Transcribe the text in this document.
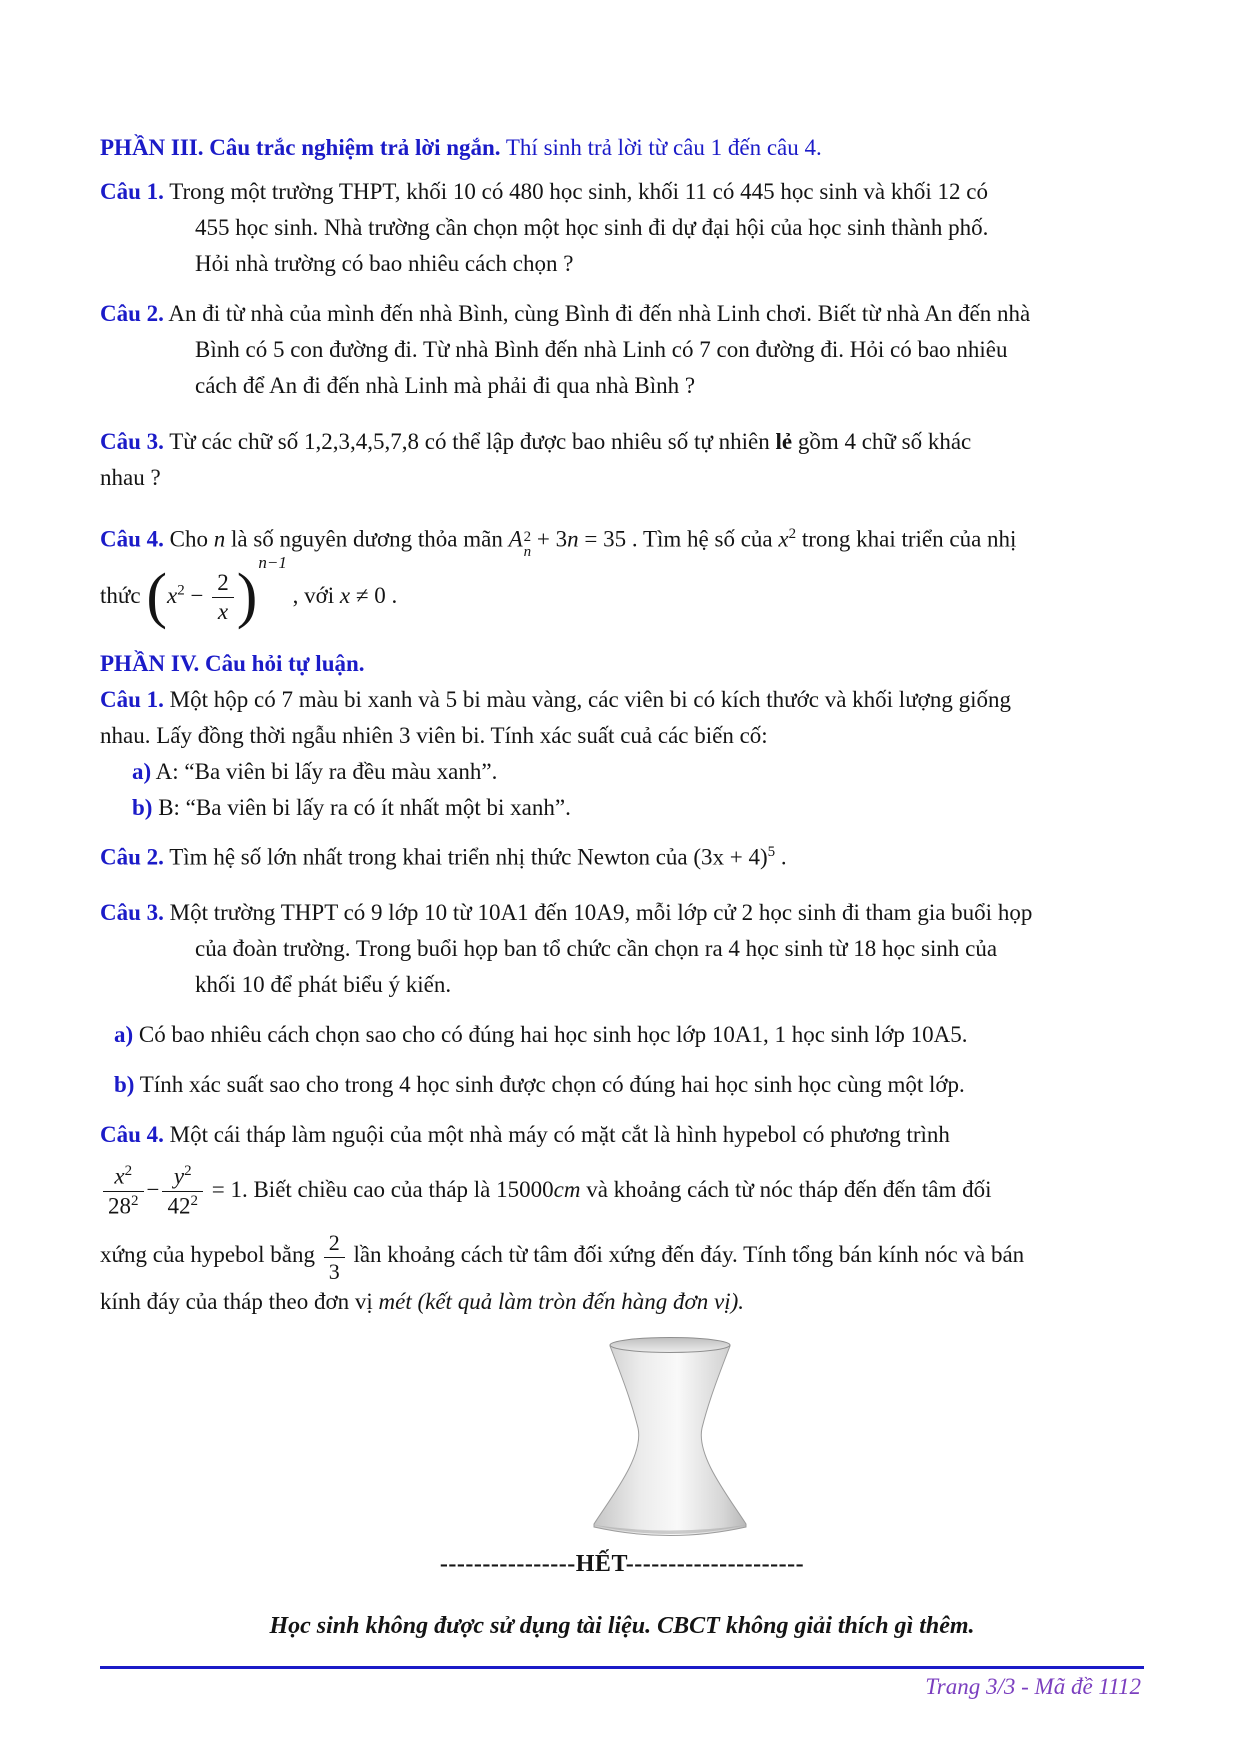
PHẦN III. Câu trắc nghiệm trả lời ngắn. Thí sinh trả lời từ câu 1 đến câu 4.
Câu 1. Trong một trường THPT, khối 10 có 480 học sinh, khối 11 có 445 học sinh và khối 12 có
455 học sinh. Nhà trường cần chọn một học sinh đi dự đại hội của học sinh thành phố.
Hỏi nhà trường có bao nhiêu cách chọn ?
Câu 2. An đi từ nhà của mình đến nhà Bình, cùng Bình đi đến nhà Linh chơi. Biết từ nhà An đến nhà
Bình có 5 con đường đi. Từ nhà Bình đến nhà Linh có 7 con đường đi. Hỏi có bao nhiêu
cách để An đi đến nhà Linh mà phải đi qua nhà Bình ?
Câu 3. Từ các chữ số 1,2,3,4,5,7,8 có thể lập được bao nhiêu số tự nhiên lẻ gồm 4 chữ số khác
nhau ?
Câu 4. Cho n là số nguyên dương thỏa mãn A 2
n + 3n = 35 . Tìm hệ số của $x^2$ trong khai triển của nhị
thức $(x^2 - \frac{2}{x} )^{n-1}$ , với x ≠ 0 .
PHẦN IV. Câu hỏi tự luận.
Câu 1. Một hộp có 7 màu bi xanh và 5 bi màu vàng, các viên bi có kích thước và khối lượng giống
nhau. Lấy đồng thời ngẫu nhiên 3 viên bi. Tính xác suất cuả các biến cố:
a) A: “Ba viên bi lấy ra đều màu xanh”.
b) B: “Ba viên bi lấy ra có ít nhất một bi xanh”.
Câu 2. Tìm hệ số lớn nhất trong khai triển nhị thức Newton của $(3x + 4)^5$ .
Câu 3. Một trường THPT có 9 lớp 10 từ 10A1 đến 10A9, mỗi lớp cử 2 học sinh đi tham gia buổi họp
của đoàn trường. Trong buổi họp ban tổ chức cần chọn ra 4 học sinh từ 18 học sinh của
khối 10 để phát biểu ý kiến.
a) Có bao nhiêu cách chọn sao cho có đúng hai học sinh học lớp 10A1, 1 học sinh lớp 10A5.
b) Tính xác suất sao cho trong 4 học sinh được chọn có đúng hai học sinh học cùng một lớp.
Câu 4. Một cái tháp làm nguội của một nhà máy có mặt cắt là hình hypebol có phương trình
$\frac{x^2}{28^2} - \frac{y^2}{42^2} = 1$. Biết chiều cao của tháp là 15000cm và khoảng cách từ nóc tháp đến đến tâm đối
xứng của hypebol bằng $\frac{2}{3}$ lần khoảng cách từ tâm đối xứng đến đáy. Tính tổng bán kính nóc và bán
kính đáy của tháp theo đơn vị mét (kết quả làm tròn đến hàng đơn vị).
----------------HẾT---------------------
Học sinh không được sử dụng tài liệu. CBCT không giải thích gì thêm.
Trang 3/3 - Mã đề 1112
